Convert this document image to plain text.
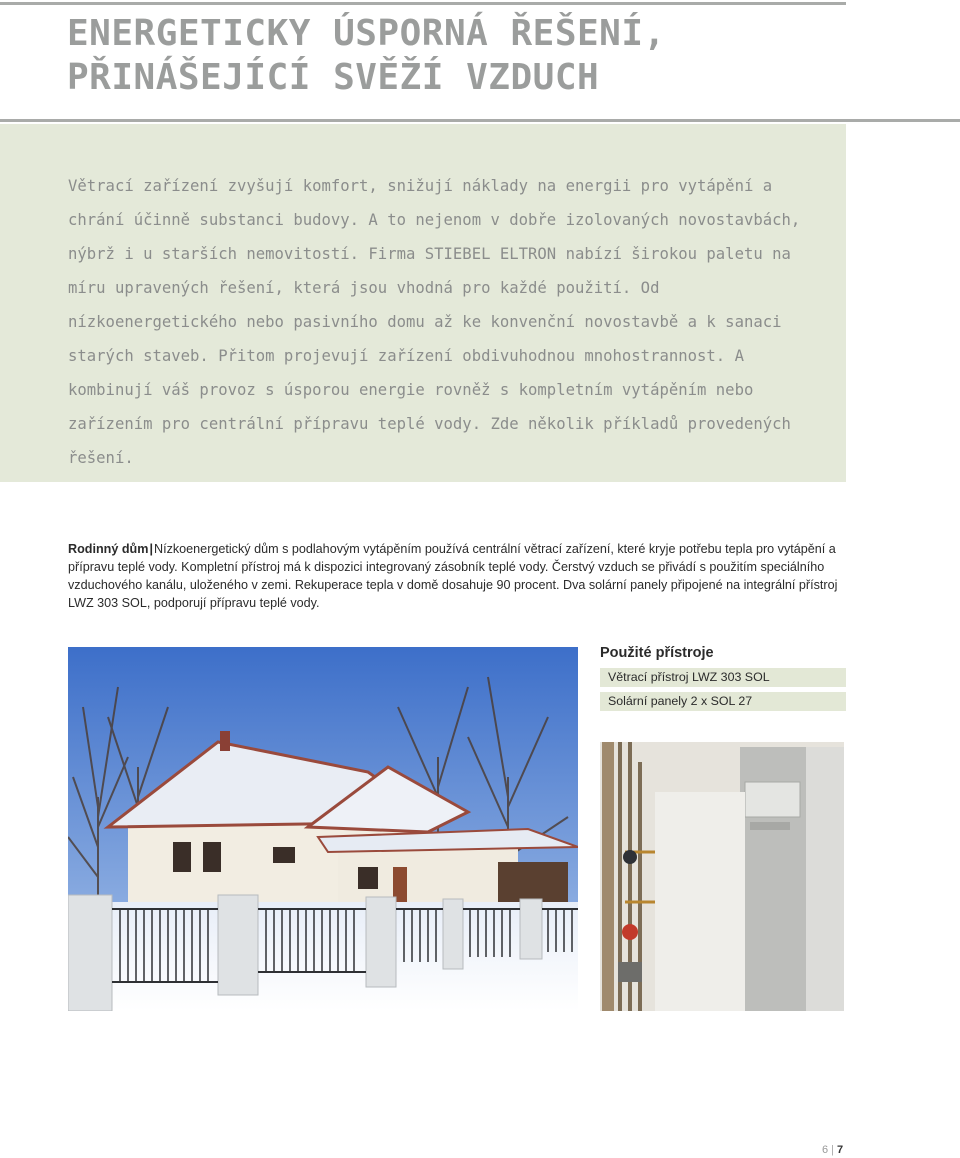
ENERGETICKY ÚSPORNÁ ŘEŠENÍ,
PŘINÁŠEJÍCÍ SVĚŽÍ VZDUCH

Větrací zařízení zvyšují komfort, snižují náklady na energii pro vytápění a chrání účinně substanci budovy. A to nejenom v dobře izolovaných novostavbách, nýbrž i u starších nemovitostí. Firma STIEBEL ELTRON nabízí širokou paletu na míru upravených řešení, která jsou vhodná pro každé použití. Od nízkoenergetického nebo pasivního domu až ke konvenční novostavbě a k sanaci starých staveb. Přitom projevují zařízení obdivuhodnou mnohostrannost. A kombinují váš provoz s úsporou energie rovněž s kompletním vytápěním nebo zařízením pro centrální přípravu teplé vody. Zde několik příkladů provedených řešení.

Rodinný dům|Nízkoenergetický dům s podlahovým vytápěním používá centrální větrací zařízení, které kryje potřebu tepla pro vytápění a přípravu teplé vody. Kompletní přístroj má k dispozici integrovaný zásobník teplé vody. Čerstvý vzduch se přivádí s použitím speciálního vzduchového kanálu, uloženého v zemi. Rekuperace tepla v domě dosahuje 90 procent. Dva solární panely připojené na integrální přístroj LWZ 303 SOL, podporují přípravu teplé vody.

Použité přístroje
Větrací přístroj LWZ 303 SOL
Solární panely 2 x SOL 27
6 | 7
